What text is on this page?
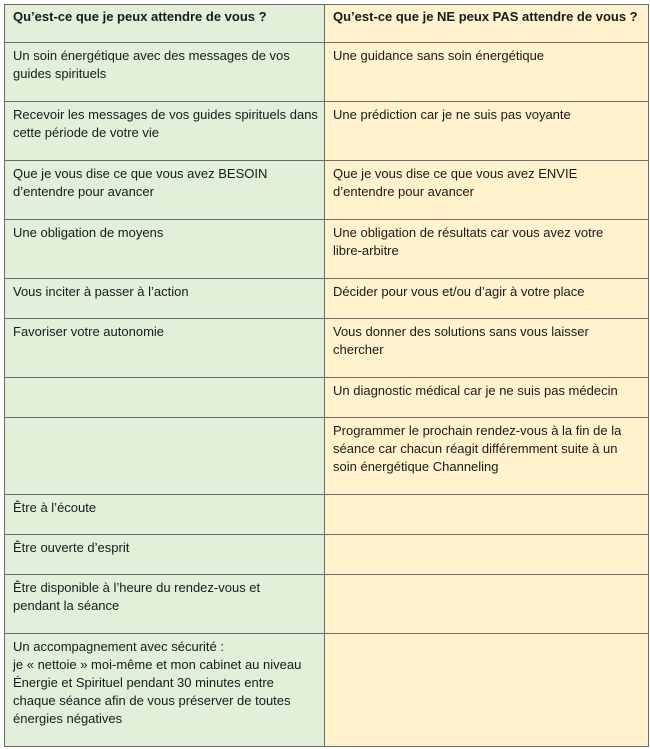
Qu’est-ce que je peux attendre de vous ?	Qu’est-ce que je NE peux PAS attendre de vous ?

Un soin énergétique avec des messages de vos
guides spirituels	Une guidance sans soin énergétique

Recevoir les messages de vos guides spirituels dans
cette période de votre vie	Une prédiction car je ne suis pas voyante

Que je vous dise ce que vous avez BESOIN
d’entendre pour avancer	Que je vous dise ce que vous avez ENVIE
d’entendre pour avancer

Une obligation de moyens	Une obligation de résultats car vous avez votre
libre-arbitre

Vous inciter à passer à l’action	Décider pour vous et/ou d’agir à votre place

Favoriser votre autonomie	Vous donner des solutions sans vous laisser
chercher

	Un diagnostic médical car je ne suis pas médecin

	Programmer le prochain rendez-vous à la fin de la
séance car chacun réagit différemment suite à un
soin énergétique Channeling

Être à l’écoute	

Être ouverte d’esprit	

Être disponible à l’heure du rendez-vous et
pendant la séance	

Un accompagnement avec sécurité :
je « nettoie » moi-même et mon cabinet au niveau
Énergie et Spirituel pendant 30 minutes entre
chaque séance afin de vous préserver de toutes
énergies négatives	
